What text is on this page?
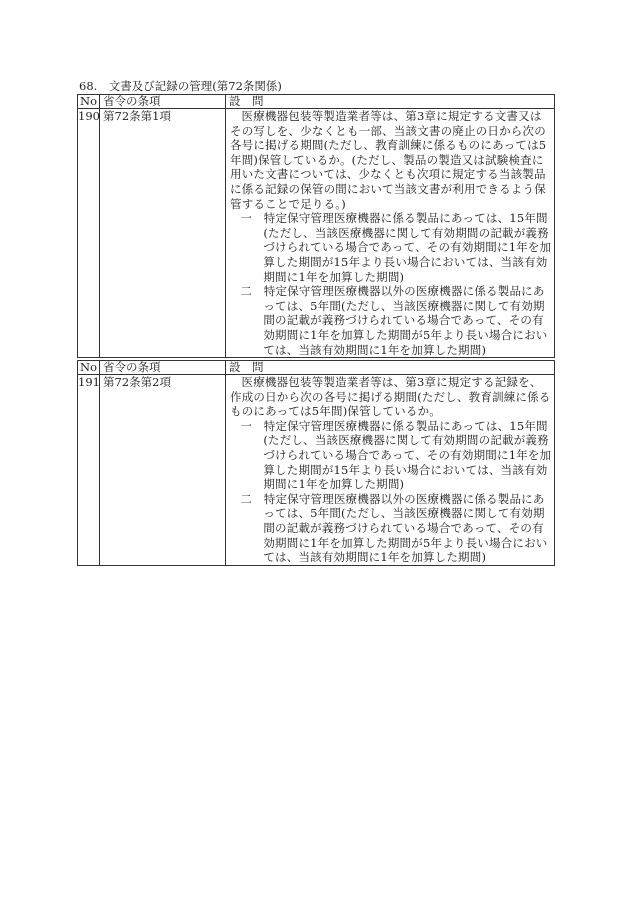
68.　文書及び記録の管理(第72条関係)
No	省令の条項	設　問
190	第72条第1項	医療機器包装等製造業者等は、第3章に規定する文書又はその写しを、少なくとも一部、当該文書の廃止の日から次の各号に掲げる期間(ただし、教育訓練に係るものにあっては5年間)保管しているか。(ただし、製品の製造又は試験検査に用いた文書については、少なくとも次項に規定する当該製品に係る記録の保管の間において当該文書が利用できるよう保管することで足りる。)

一　特定保守管理医療機器に係る製品にあっては、15年間(ただし、当該医療機器に関して有効期間の記載が義務づけられている場合であって、その有効期間に1年を加算した期間が15年より長い場合においては、当該有効期間に1年を加算した期間)

二　特定保守管理医療機器以外の医療機器に係る製品にあっては、5年間(ただし、当該医療機器に関して有効期間の記載が義務づけられている場合であって、その有効期間に1年を加算した期間が5年より長い場合においては、当該有効期間に1年を加算した期間)

No	省令の条項	設　問
191	第72条第2項	医療機器包装等製造業者等は、第3章に規定する記録を、作成の日から次の各号に掲げる期間(ただし、教育訓練に係るものにあっては5年間)保管しているか。

一　特定保守管理医療機器に係る製品にあっては、15年間(ただし、当該医療機器に関して有効期間の記載が義務づけられている場合であって、その有効期間に1年を加算した期間が15年より長い場合においては、当該有効期間に1年を加算した期間)

二　特定保守管理医療機器以外の医療機器に係る製品にあっては、5年間(ただし、当該医療機器に関して有効期間の記載が義務づけられている場合であって、その有効期間に1年を加算した期間が5年より長い場合においては、当該有効期間に1年を加算した期間)
